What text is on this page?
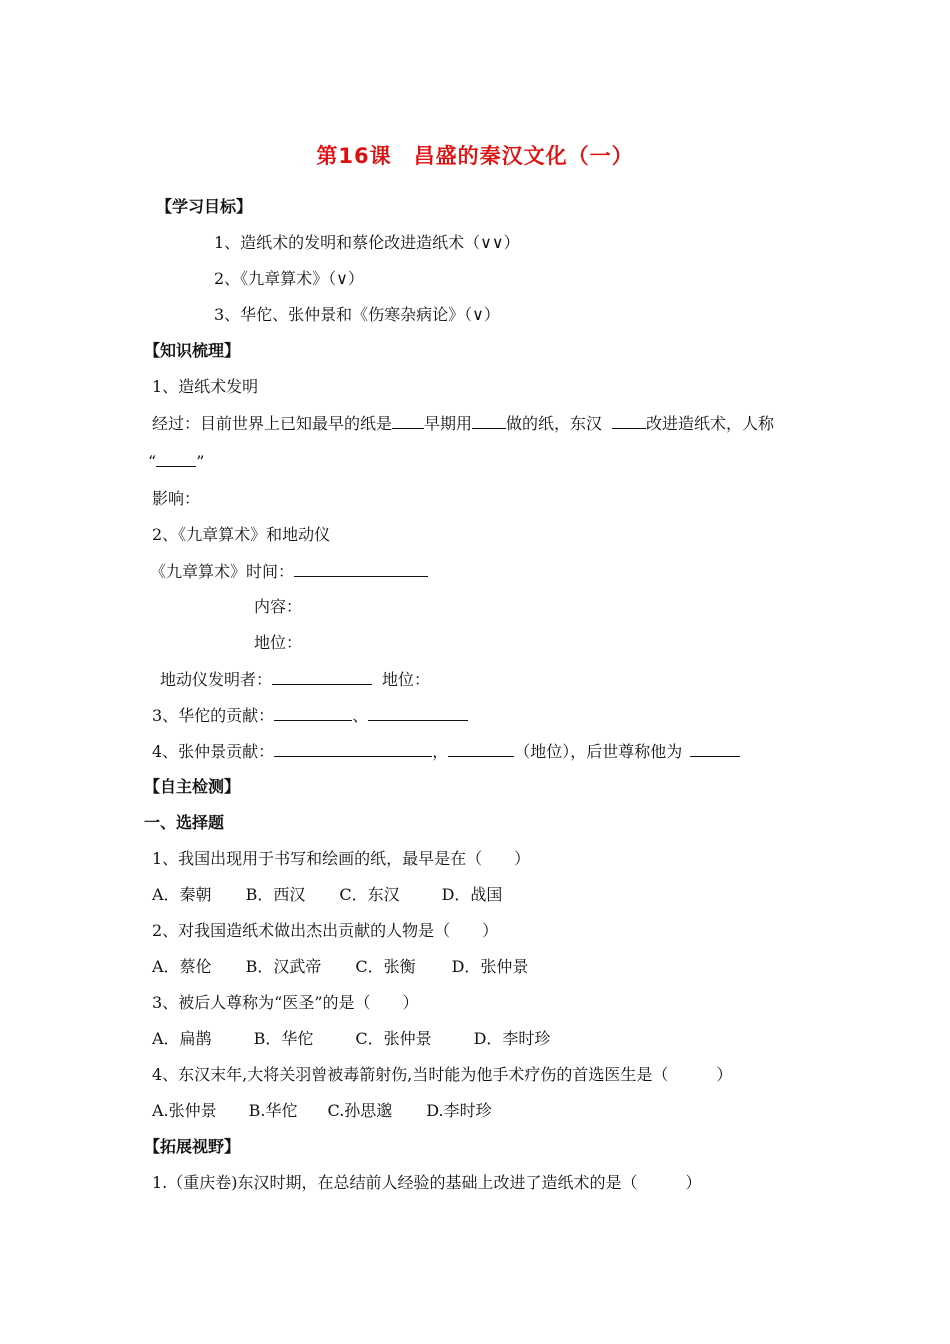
第16课　昌盛的秦汉文化（一）
【学习目标】
1、造纸术的发明和蔡伦改进造纸术（∨∨）
2、《九章算术》（∨）
3、华佗、张仲景和《伤寒杂病论》（∨）
【知识梳理】
1、造纸术发明
经过：目前世界上已知最早的纸是 早期用 做的纸，东汉	改进造纸术，人称
“	”
影响：
2、《九章算术》和地动仪
《九章算术》时间：
内容：
地位：
地动仪发明者：	地位：
3、华佗的贡献：	、
4、张仲景贡献：	，	（地位），后世尊称他为
【自主检测】
一、选择题
1、我国出现用于书写和绘画的纸，最早是在（　　）
A．秦朝 B．西汉 C．东汉	D．战国
2、对我国造纸术做出杰出贡献的人物是（　　）
A．蔡伦 B．汉武帝 C．张衡 D．张仲景
3、被后人尊称为“医圣”的是（　　）
A．扁鹊	B．华佗	C．张仲景	D．李时珍
4、东汉末年,大将关羽曾被毒箭射伤,当时能为他手术疗伤的首选医生是（　　　）
A.张仲景 B.华佗 C.孙思邈 D.李时珍
【拓展视野】
1.（重庆卷)东汉时期，在总结前人经验的基础上改进了造纸术的是（　　　）
